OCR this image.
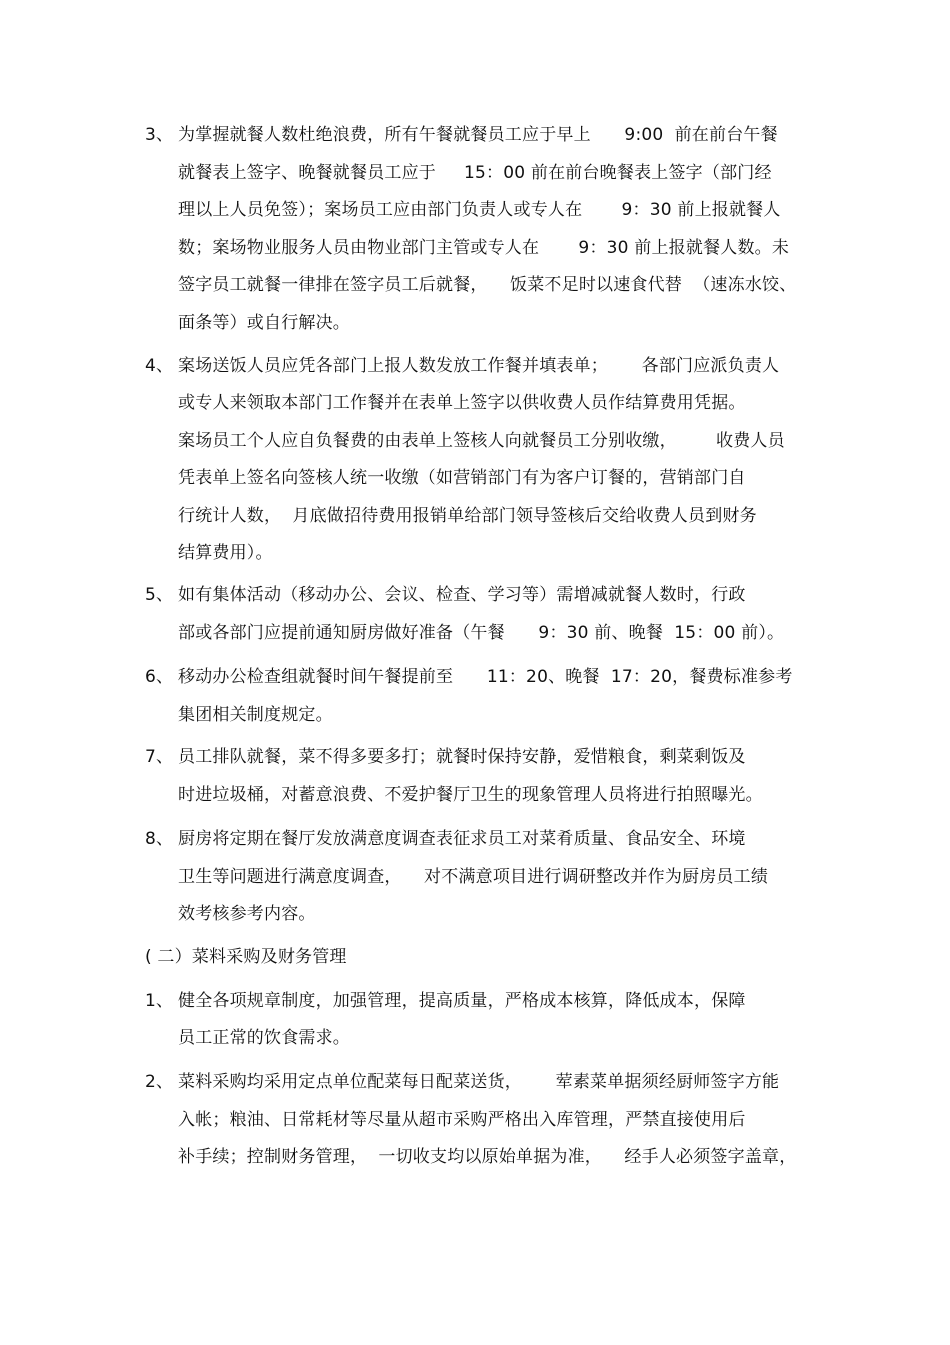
3、 为掌握就餐人数杜绝浪费，所有午餐就餐员工应于早上      9:00  前在前台午餐
就餐表上签字、晚餐就餐员工应于     15：00 前在前台晚餐表上签字（部门经
理以上人员免签）；案场员工应由部门负责人或专人在       9：30 前上报就餐人
数；案场物业服务人员由物业部门主管或专人在       9：30 前上报就餐人数。未
签字员工就餐一律排在签字员工后就餐，    饭菜不足时以速食代替  （速冻水饺、
面条等）或自行解决。
4、 案场送饭人员应凭各部门上报人数发放工作餐并填表单；      各部门应派负责人
或专人来领取本部门工作餐并在表单上签字以供收费人员作结算费用凭据。
案场员工个人应自负餐费的由表单上签核人向就餐员工分别收缴，       收费人员
凭表单上签名向签核人统一收缴（如营销部门有为客户订餐的，营销部门自
行统计人数，  月底做招待费用报销单给部门领导签核后交给收费人员到财务
结算费用）。
5、 如有集体活动（移动办公、会议、检查、学习等）需增减就餐人数时，行政
部或各部门应提前通知厨房做好准备（午餐      9：30 前、晚餐  15：00 前）。
6、 移动办公检查组就餐时间午餐提前至      11：20、晚餐  17：20，餐费标准参考
集团相关制度规定。
7、 员工排队就餐，菜不得多要多打；就餐时保持安静，爱惜粮食，剩菜剩饭及
时进垃圾桶，对蓄意浪费、不爱护餐厅卫生的现象管理人员将进行拍照曝光。
8、 厨房将定期在餐厅发放满意度调查表征求员工对菜肴质量、食品安全、环境
卫生等问题进行满意度调查，    对不满意项目进行调研整改并作为厨房员工绩
效考核参考内容。
( 二）菜料采购及财务管理
1、 健全各项规章制度，加强管理，提高质量，严格成本核算，降低成本，保障
员工正常的饮食需求。
2、 菜料采购均采用定点单位配菜每日配菜送货，      荤素菜单据须经厨师签字方能
入帐；粮油、日常耗材等尽量从超市采购严格出入库管理，严禁直接使用后
补手续；控制财务管理，  一切收支均以原始单据为准，    经手人必须签字盖章，
